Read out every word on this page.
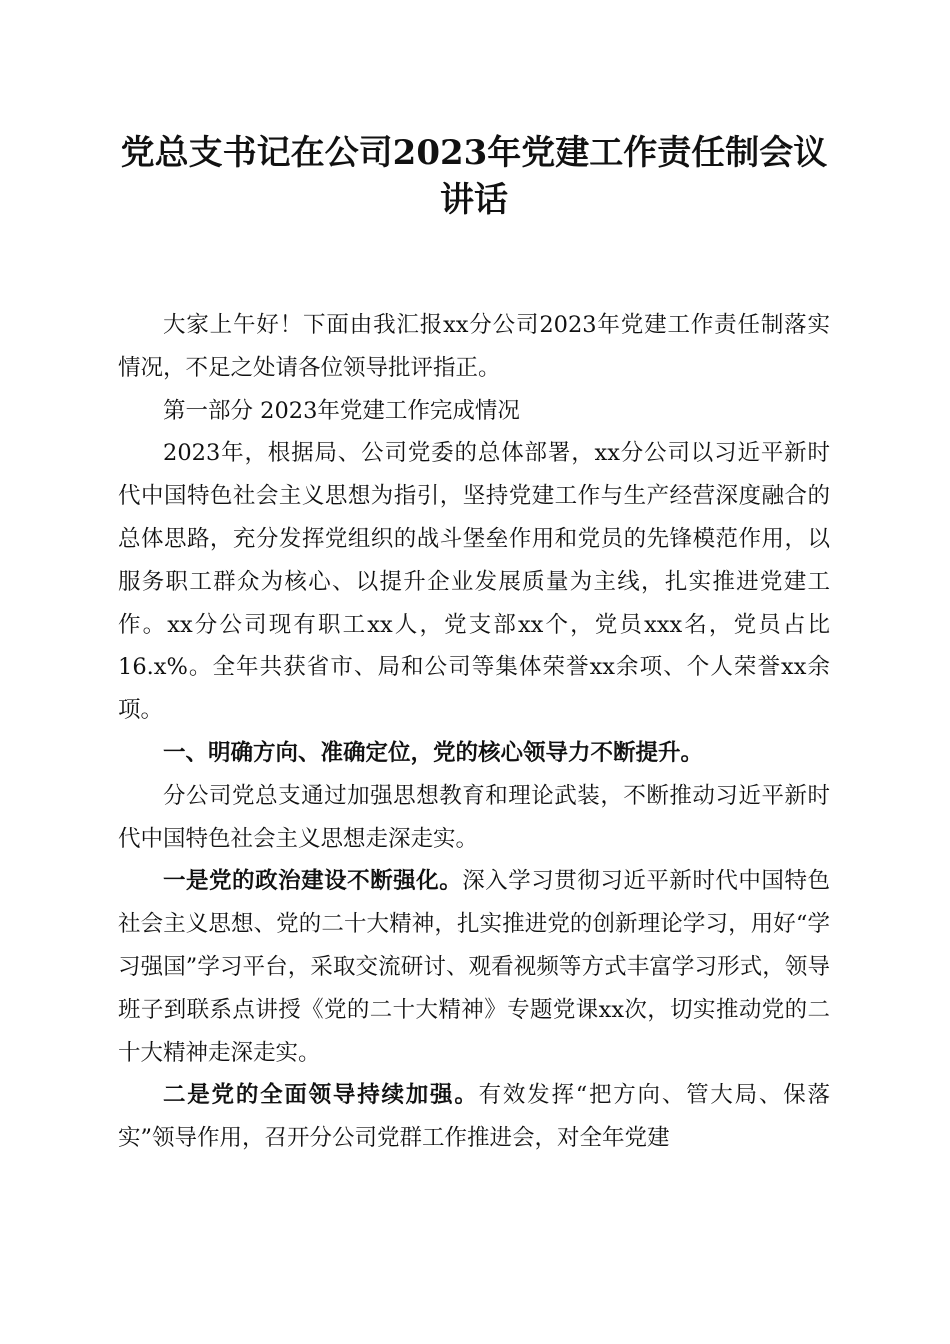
党总支书记在公司2023年党建工作责任制会议讲话

大家上午好！下面由我汇报xx分公司2023年党建工作责任制落实情况，不足之处请各位领导批评指正。

第一部分 2023年党建工作完成情况

2023年，根据局、公司党委的总体部署，xx分公司以习近平新时代中国特色社会主义思想为指引，坚持党建工作与生产经营深度融合的总体思路，充分发挥党组织的战斗堡垒作用和党员的先锋模范作用，以服务职工群众为核心、以提升企业发展质量为主线，扎实推进党建工作。xx分公司现有职工xx人，党支部xx个，党员xxx名，党员占比16.x%。全年共获省市、局和公司等集体荣誉xx余项、个人荣誉xx余项。

一、明确方向、准确定位，党的核心领导力不断提升。

分公司党总支通过加强思想教育和理论武装，不断推动习近平新时代中国特色社会主义思想走深走实。

一是党的政治建设不断强化。深入学习贯彻习近平新时代中国特色社会主义思想、党的二十大精神，扎实推进党的创新理论学习，用好“学习强国”学习平台，采取交流研讨、观看视频等方式丰富学习形式，领导班子到联系点讲授《党的二十大精神》专题党课xx次，切实推动党的二十大精神走深走实。

二是党的全面领导持续加强。有效发挥“把方向、管大局、保落实”领导作用，召开分公司党群工作推进会，对全年党建
